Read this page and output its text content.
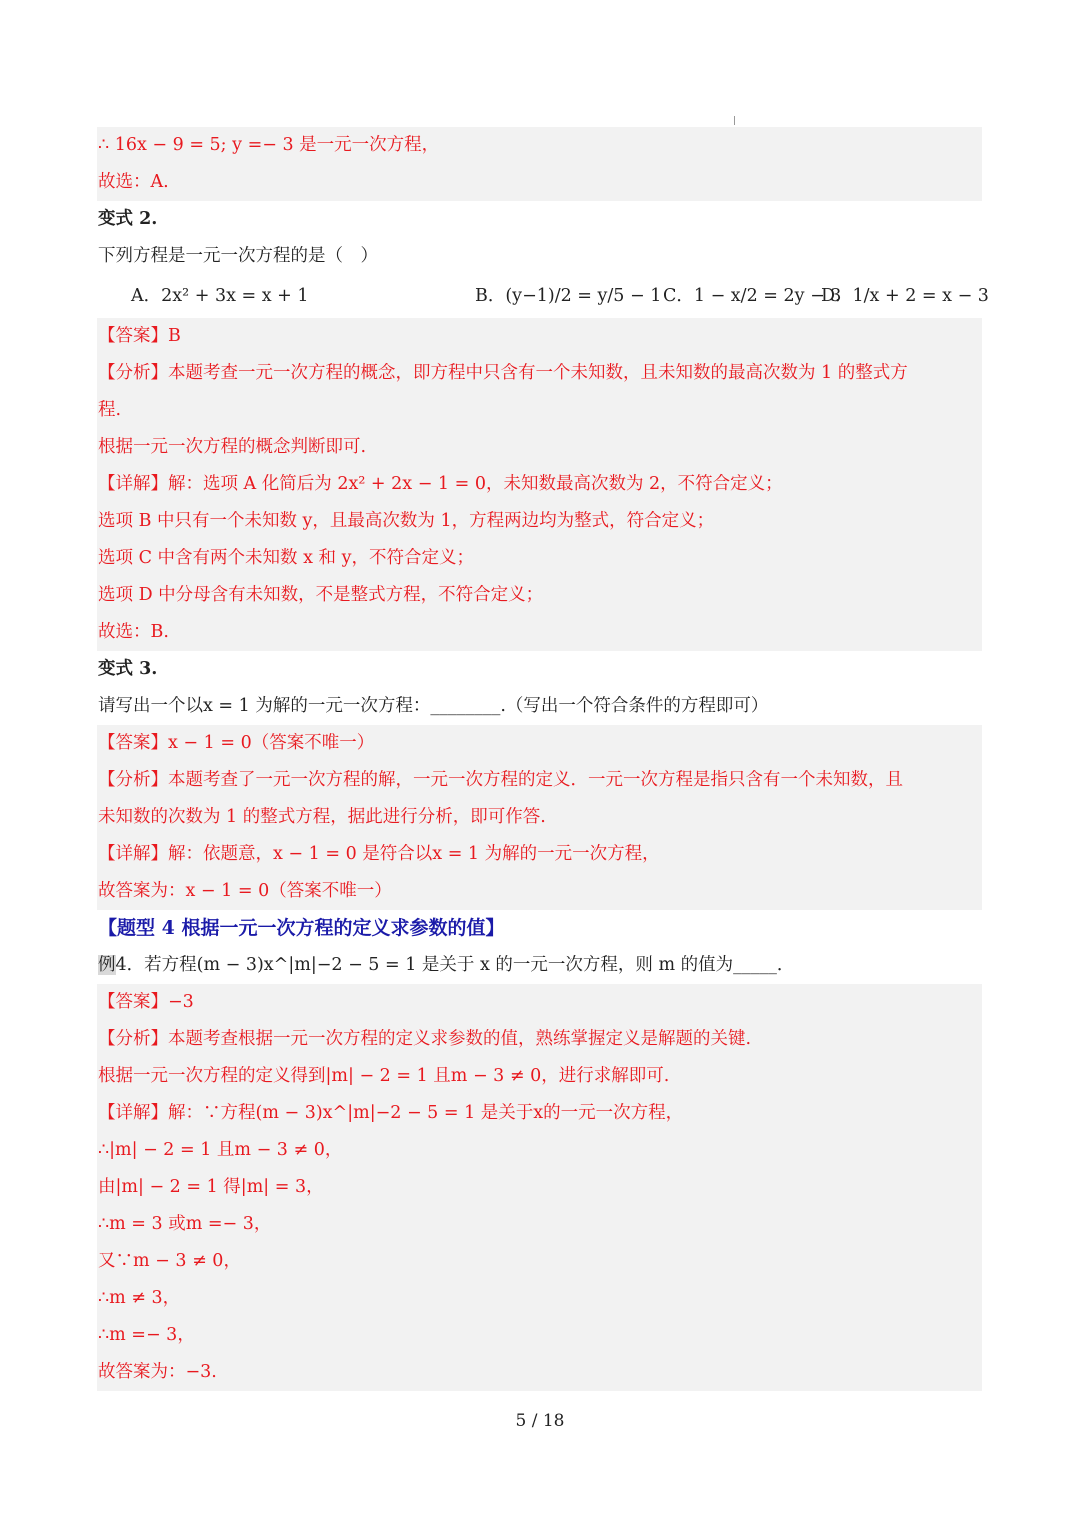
∴ 16x − 9 = 5; y =− 3 是一元一次方程，
故选：A.
变式 2.
下列方程是一元一次方程的是（　）
A．2x² + 3x = x + 1	B．(y−1)/2 = y/5 − 1 C．1 − x/2 = 2y − 3
D．1/x + 2 = x − 3
【答案】B
【分析】本题考查一元一次方程的概念，即方程中只含有一个未知数，且未知数的最高次数为 1 的整式方
程.
根据一元一次方程的概念判断即可.
【详解】解：选项 A 化简后为 2x² + 2x − 1 = 0，未知数最高次数为 2，不符合定义；
选项 B 中只有一个未知数 y，且最高次数为 1，方程两边均为整式，符合定义；
选项 C 中含有两个未知数 x 和 y，不符合定义；
选项 D 中分母含有未知数，不是整式方程，不符合定义；
故选：B.
变式 3.
请写出一个以x = 1 为解的一元一次方程：________.（写出一个符合条件的方程即可）
【答案】x − 1 = 0（答案不唯一）
【分析】本题考查了一元一次方程的解，一元一次方程的定义．一元一次方程是指只含有一个未知数，且
未知数的次数为 1 的整式方程，据此进行分析，即可作答.
【详解】解：依题意，x − 1 = 0 是符合以x = 1 为解的一元一次方程，
故答案为：x − 1 = 0（答案不唯一）
【题型 4 根据一元一次方程的定义求参数的值】
例4．若方程(m − 3)x^|m|−2 − 5 = 1 是关于 x 的一元一次方程，则 m 的值为_____．
【答案】−3
【分析】本题考查根据一元一次方程的定义求参数的值，熟练掌握定义是解题的关键.
根据一元一次方程的定义得到|m| − 2 = 1 且m − 3 ≠ 0，进行求解即可.
【详解】解：∵方程(m − 3)x^|m|−2 − 5 = 1 是关于x的一元一次方程，
∴|m| − 2 = 1 且m − 3 ≠ 0，
由|m| − 2 = 1 得|m| = 3，
∴m = 3 或m =− 3，
又∵m − 3 ≠ 0，
∴m ≠ 3，
∴m =− 3，
故答案为：−3.
5 / 18
